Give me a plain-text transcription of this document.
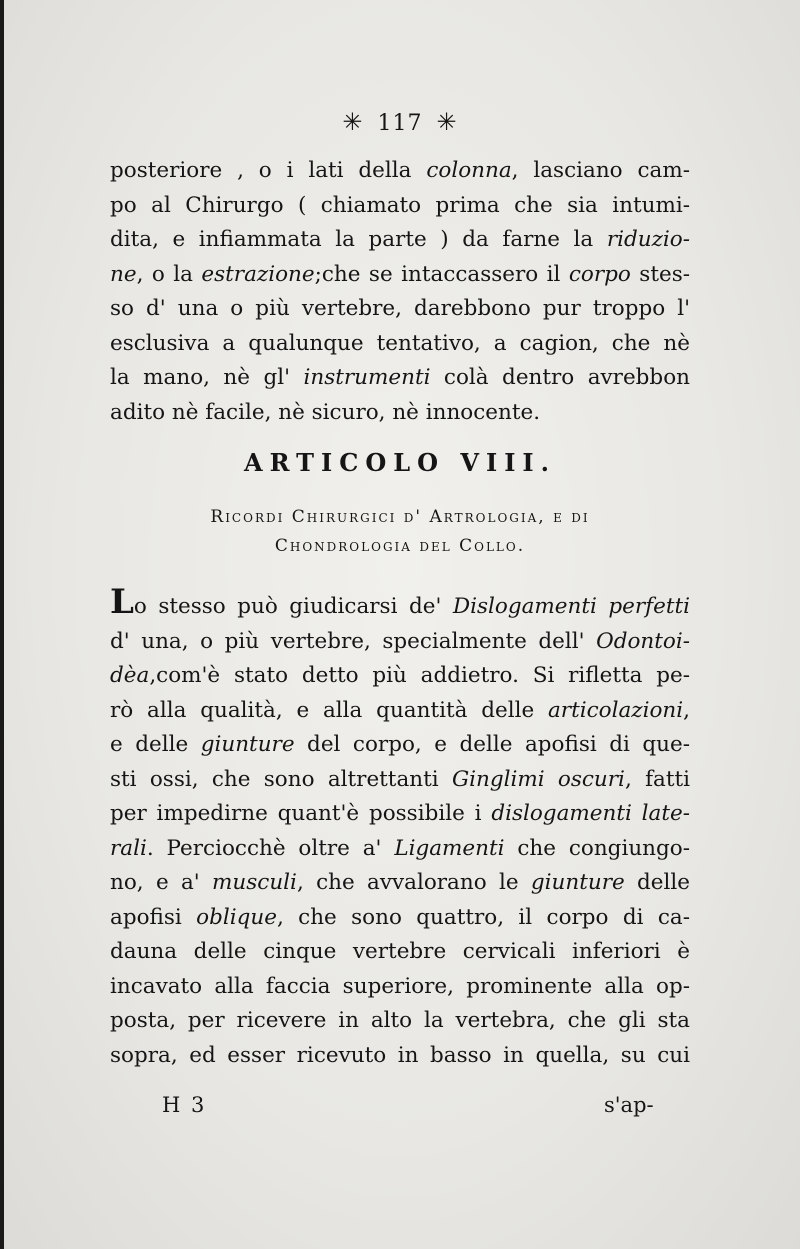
✳ 117 ✳
posteriore , o i lati della colonna, lasciano cam-
po al Chirurgo ( chiamato prima che sia intumi-
dita, e infiammata la parte ) da farne la riduzio-
ne, o la estrazione;che se intaccassero il corpo stes-
so d' una o più vertebre, darebbono pur troppo l'
esclusiva a qualunque tentativo, a cagion, che nè
la mano, nè gl' instrumenti colà dentro avrebbon
adito nè facile, nè sicuro, nè innocente.
ARTICOLO VIII.
Ricordi Chirurgici d' Artrologia, e di
Chondrologia del Collo.
Lo stesso può giudicarsi de' Dislogamenti perfetti
d' una, o più vertebre, specialmente dell' Odontoi-
dèa,com'è stato detto più addietro. Si rifletta pe-
rò alla qualità, e alla quantità delle articolazioni,
e delle giunture del corpo, e delle apofisi di que-
sti ossi, che sono altrettanti Ginglimi oscuri, fatti
per impedirne quant'è possibile i dislogamenti late-
rali. Perciocchè oltre a' Ligamenti che congiungo-
no, e a' musculi, che avvalorano le giunture delle
apofisi oblique, che sono quattro, il corpo di ca-
dauna delle cinque vertebre cervicali inferiori è
incavato alla faccia superiore, prominente alla op-
posta, per ricevere in alto la vertebra, che gli sta
sopra, ed esser ricevuto in basso in quella, su cui
H 3	s'ap-
